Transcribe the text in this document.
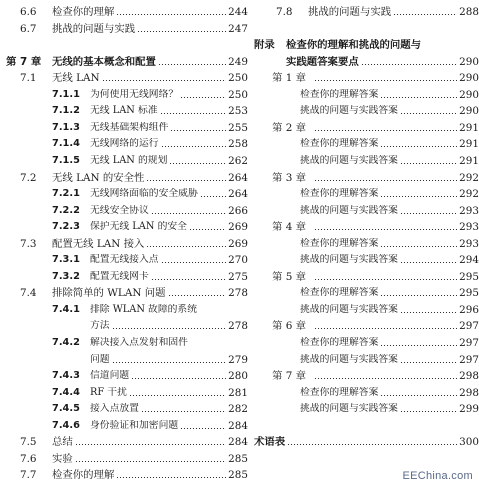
6.6	检查你的理解	244
6.7	挑战的问题与实践	247
第 7 章	无线的基本概念和配置	249
7.1	无线 LAN	250
7.1.1 为何使用无线网络？	250
7.1.2 无线 LAN 标准	253
7.1.3 无线基础架构组件	255
7.1.4 无线网络的运行	258
7.1.5 无线 LAN 的规划	262
7.2	无线 LAN 的安全性	264
7.2.1 无线网络面临的安全威胁	264
7.2.2 无线安全协议	266
7.2.3 保护无线 LAN 的安全	269
7.3	配置无线 LAN 接入	269
7.3.1 配置无线接入点	270
7.3.2 配置无线网卡	275
7.4	排除简单的 WLAN 问题	278
7.4.1 排除 WLAN 故障的系统
方法	278
7.4.2 解决接入点发射和固件
问题	279
7.4.3 信道问题	280
7.4.4 RF 干扰	281
7.4.5 接入点放置	282
7.4.6 身份验证和加密问题	284
7.5	总结	284
7.6	实验	285
7.7	检查你的理解	285
7.8	挑战的问题与实践	288
附录	检查你的理解和挑战的问题与
实践题答案要点	290
第 1 章	290
检查你的理解答案	290
挑战的问题与实践答案	290
第 2 章	291
检查你的理解答案	291
挑战的问题与实践答案	291
第 3 章	292
检查你的理解答案	292
挑战的问题与实践答案	293
第 4 章	293
检查你的理解答案	293
挑战的问题与实践答案	294
第 5 章	295
检查你的理解答案	295
挑战的问题与实践答案	296
第 6 章	297
检查你的理解答案	297
挑战的问题与实践答案	297
第 7 章	298
检查你的理解答案	298
挑战的问题与实践答案	299
术语表	300
EEChina.com
